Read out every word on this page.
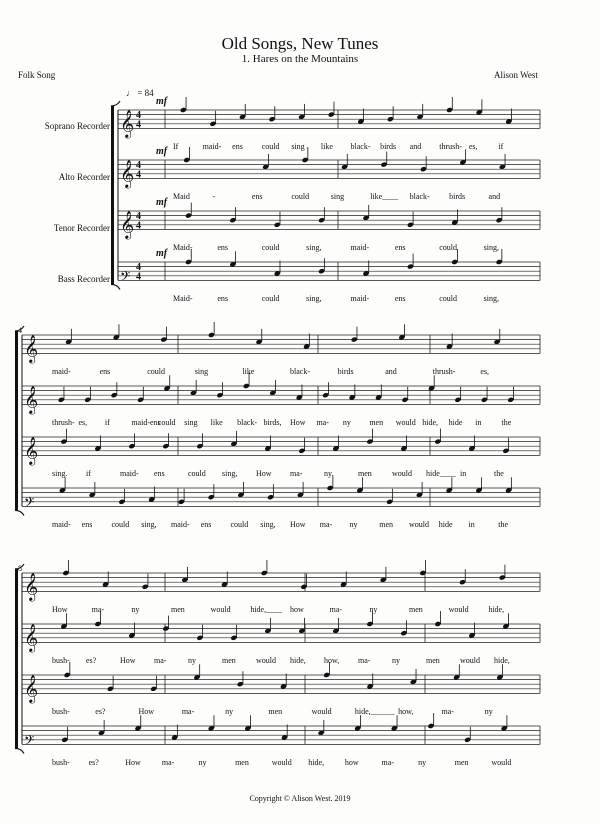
Old Songs, New Tunes
1. Hares on the Mountains
Folk Song	Alison West
Soprano Recorder
Alto Recorder
Tenor Recorder
Bass Recorder
𝄞 4
4
mf
𝄞 4
4
mf
𝄞 4
4
mf
𝄢
4
4
mf
𝄞
𝄞
𝄞
𝄢
𝄞
𝄞
𝄞
𝄢
♩ = 84
4
8
If	maid- ens could sing like black- birds and thrush- es,	if
Maid	-	ens	could	sing	like____ black- birds	and
Maid-	ens	could	sing,	maid-	ens	could	sing,
Maid-	ens	could	sing,	maid-	ens	could	sing,
maid-	ens	could	sing	like	black-	birds	and	thrush-	es,
thrush- es, if	maid-ens
could sing like black- birds, How ma- ny men would hide, hide in	the
sing. if	maid- ens	could sing, How ma-	ny	men	would hide____ in	the
maid- ens could sing, maid- ens could sing, How ma- ny	men would hide in	the
How	ma-	ny	men	would hide,____ how	ma-	ny	men	would hide,
bush- es?	How ma-	ny	men	would hide, how, ma-	ny	men	would hide,
bush-	es?	How	ma-	ny	men	would	hide,______ how,	ma-	ny
bush- es?	How	ma-	ny	men	would hide,	how	ma-	ny	men	would
Copyright © Alison West. 2019
